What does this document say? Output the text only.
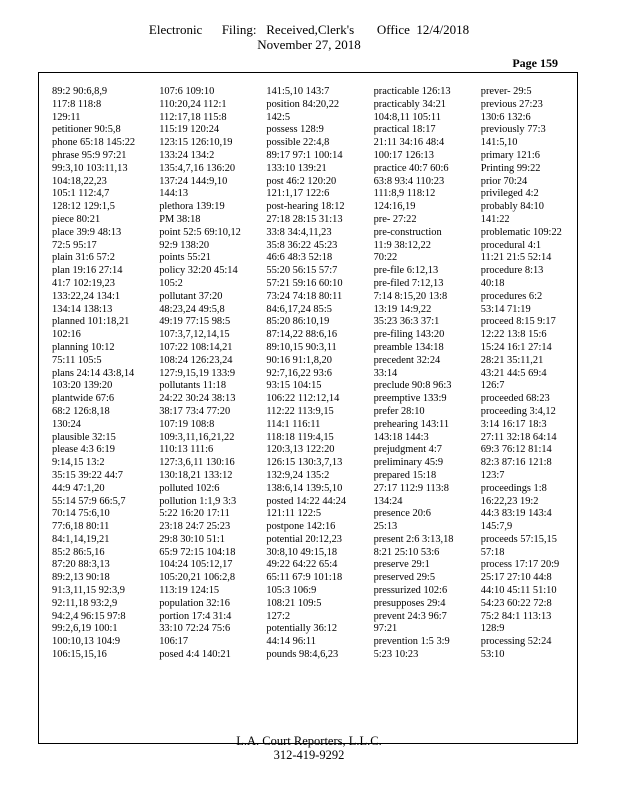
Electronic      Filing:   Received,Clerk's       Office  12/4/2018
November 27, 2018
Page 159
89:2 90:6,8,9
117:8 118:8
129:11
petitioner 90:5,8
phone 65:18 145:22
phrase 95:9 97:21
99:3,10 103:11,13
104:18,22,23
105:1 112:4,7
128:12 129:1,5
piece 80:21
place 39:9 48:13
72:5 95:17
plain 31:6 57:2
plan 19:16 27:14
41:7 102:19,23
133:22,24 134:1
134:14 138:13
planned 101:18,21
102:16
planning 10:12
75:11 105:5
plans 24:14 43:8,14
103:20 139:20
plantwide 67:6
68:2 126:8,18
130:24
plausible 32:15
please 4:3 6:19
9:14,15 13:2
35:15 39:22 44:7
44:9 47:1,20
55:14 57:9 66:5,7
70:14 75:6,10
77:6,18 80:11
84:1,14,19,21
85:2 86:5,16
87:20 88:3,13
89:2,13 90:18
91:3,11,15 92:3,9
92:11,18 93:2,9
94:2,4 96:15 97:8
99:2,6,19 100:1
100:10,13 104:9
106:15,15,16
107:6 109:10
110:20,24 112:1
112:17,18 115:8
115:19 120:24
123:15 126:10,19
133:24 134:2
135:4,7,16 136:20
137:24 144:9,10
144:13
plethora 139:19
PM 38:18
point 52:5 69:10,12
92:9 138:20
points 55:21
policy 32:20 45:14
105:2
pollutant 37:20
48:23,24 49:5,8
49:19 77:15 98:5
107:3,7,12,14,15
107:22 108:14,21
108:24 126:23,24
127:9,15,19 133:9
pollutants 11:18
24:22 30:24 38:13
38:17 73:4 77:20
107:19 108:8
109:3,11,16,21,22
110:13 111:6
127:3,6,11 130:16
130:18,21 133:12
polluted 102:6
pollution 1:1,9 3:3
5:22 16:20 17:11
23:18 24:7 25:23
29:8 30:10 51:1
65:9 72:15 104:18
104:24 105:12,17
105:20,21 106:2,8
113:19 124:15
population 32:16
portion 17:4 31:4
33:10 72:24 75:6
106:17
posed 4:4 140:21
141:5,10 143:7
position 84:20,22
142:5
possess 128:9
possible 22:4,8
89:17 97:1 100:14
133:10 139:21
post 46:2 120:20
121:1,17 122:6
post-hearing 18:12
27:18 28:15 31:13
33:8 34:4,11,23
35:8 36:22 45:23
46:6 48:3 52:18
55:20 56:15 57:7
57:21 59:16 60:10
73:24 74:18 80:11
84:6,17,24 85:5
85:20 86:10,19
87:14,22 88:6,16
89:10,15 90:3,11
90:16 91:1,8,20
92:7,16,22 93:6
93:15 104:15
106:22 112:12,14
112:22 113:9,15
114:1 116:11
118:18 119:4,15
120:3,13 122:20
126:15 130:3,7,13
132:9,24 135:2
138:6,14 139:5,10
posted 14:22 44:24
121:11 122:5
postpone 142:16
potential 20:12,23
30:8,10 49:15,18
49:22 64:22 65:4
65:11 67:9 101:18
105:3 106:9
108:21 109:5
127:2
potentially 36:12
44:14 96:11
pounds 98:4,6,23
practicable 126:13
practicably 34:21
104:8,11 105:11
practical 18:17
21:11 34:16 48:4
100:17 126:13
practice 40:7 60:6
63:8 93:4 110:23
111:8,9 118:12
124:16,19
pre- 27:22
pre-construction
11:9 38:12,22
70:22
pre-file 6:12,13
pre-filed 7:12,13
7:14 8:15,20 13:8
13:19 14:9,22
35:23 36:3 37:1
pre-filing 143:20
preamble 134:18
precedent 32:24
33:14
preclude 90:8 96:3
preemptive 133:9
prefer 28:10
prehearing 143:11
143:18 144:3
prejudgment 4:7
preliminary 45:9
prepared 15:18
27:17 112:9 113:8
134:24
presence 20:6
25:13
present 2:6 3:13,18
8:21 25:10 53:6
preserve 29:1
preserved 29:5
pressurized 102:6
presupposes 29:4
prevent 24:3 96:7
97:21
prevention 1:5 3:9
5:23 10:23
prever- 29:5
previous 27:23
130:6 132:6
previously 77:3
141:5,10
primary 121:6
Printing 99:22
prior 70:24
privileged 4:2
probably 84:10
141:22
problematic 109:22
procedural 4:1
11:21 21:5 52:14
procedure 8:13
40:18
procedures 6:2
53:14 71:19
proceed 8:15 9:17
12:22 13:8 15:6
15:24 16:1 27:14
28:21 35:11,21
43:21 44:5 69:4
126:7
proceeded 68:23
proceeding 3:4,12
3:14 16:17 18:3
27:11 32:18 64:14
69:3 76:12 81:14
82:3 87:16 121:8
123:7
proceedings 1:8
16:22,23 19:2
44:3 83:19 143:4
145:7,9
proceeds 57:15,15
57:18
process 17:17 20:9
25:17 27:10 44:8
44:10 45:11 51:10
54:23 60:22 72:8
75:2 84:1 113:13
128:9
processing 52:24
53:10
L.A. Court Reporters, L.L.C.
312-419-9292
